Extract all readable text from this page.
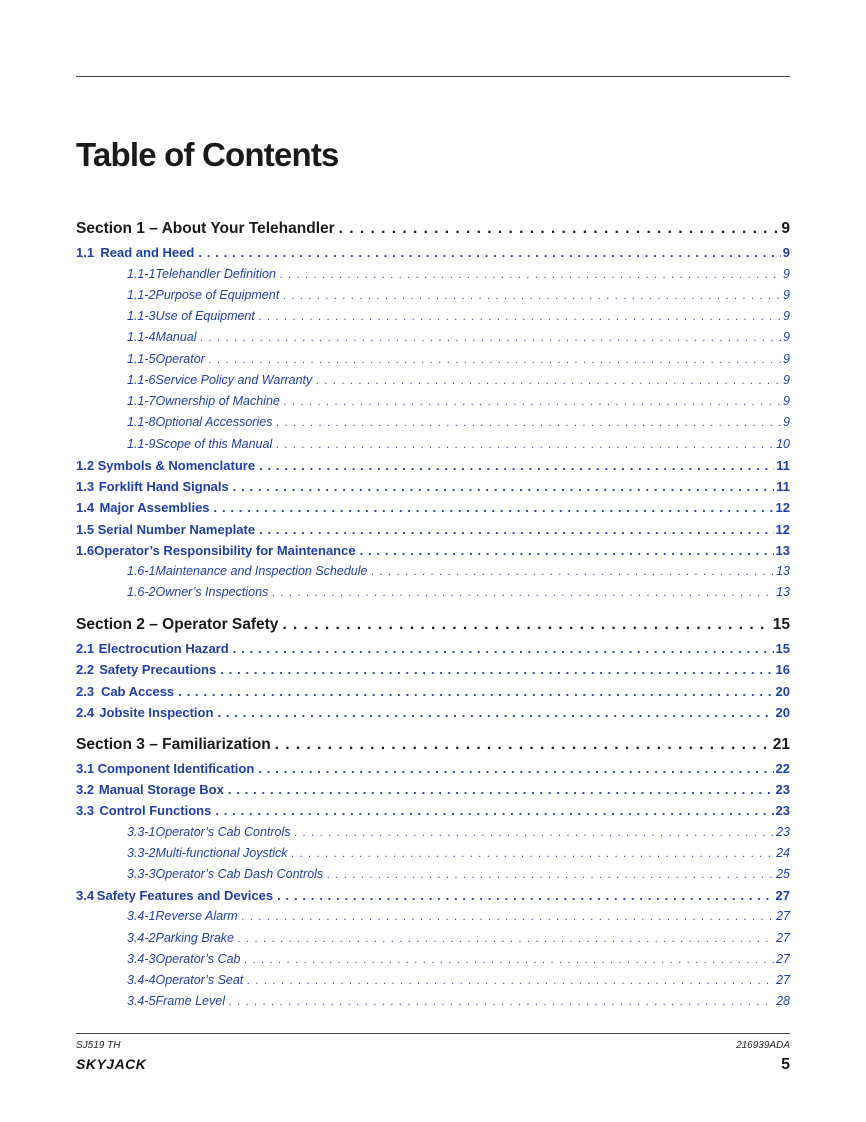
Table of Contents
Section 1 – About Your Telehandler . . .	9
1.1 Read and Heed . . .	9
1.1-1 Telehandler Definition . . .	9
1.1-2 Purpose of Equipment . . .	9
1.1-3 Use of Equipment . . .	9
1.1-4 Manual . . .	9
1.1-5 Operator . . .	9
1.1-6 Service Policy and Warranty . . .	9
1.1-7 Ownership of Machine . . .	9
1.1-8 Optional Accessories . . .	9
1.1-9 Scope of this Manual . . .	10
1.2 Symbols & Nomenclature . . .	11
1.3 Forklift Hand Signals . . .	11
1.4 Major Assemblies . . .	12
1.5 Serial Number Nameplate . . .	12
1.6 Operator’s Responsibility for Maintenance . . .	13
1.6-1 Maintenance and Inspection Schedule . . .	13
1.6-2 Owner’s Inspections . . .	13
Section 2 – Operator Safety . . .	15
2.1 Electrocution Hazard . . .	15
2.2 Safety Precautions . . .	16
2.3 Cab Access . . .	20
2.4 Jobsite Inspection . . .	20
Section 3 – Familiarization . . .	21
3.1 Component Identification . . .	22
3.2 Manual Storage Box . . .	23
3.3 Control Functions . . .	23
3.3-1 Operator’s Cab Controls . . .	23
3.3-2 Multi-functional Joystick . . .	24
3.3-3 Operator’s Cab Dash Controls . . .	25
3.4 Safety Features and Devices . . .	27
3.4-1 Reverse Alarm . . .	27
3.4-2 Parking Brake . . .	27
3.4-3 Operator’s Cab . . .	27
3.4-4 Operator’s Seat . . .	27
3.4-5 Frame Level . . .	28
SJ519 TH	216939ADA
SKYJACK	5
